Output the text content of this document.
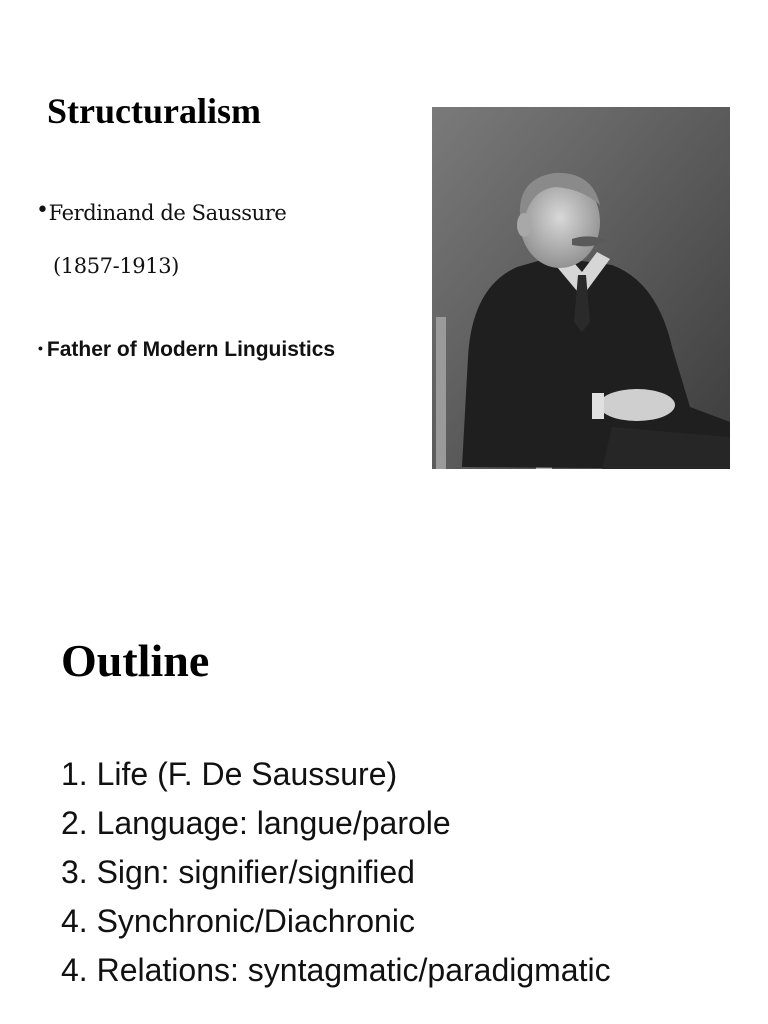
Structuralism
•Ferdinand de Saussure
(1857-1913)
• Father of Modern Linguistics
Outline
1. Life (F. De Saussure)
2. Language: langue/parole
3. Sign: signifier/signified
4. Synchronic/Diachronic
4. Relations: syntagmatic/paradigmatic
